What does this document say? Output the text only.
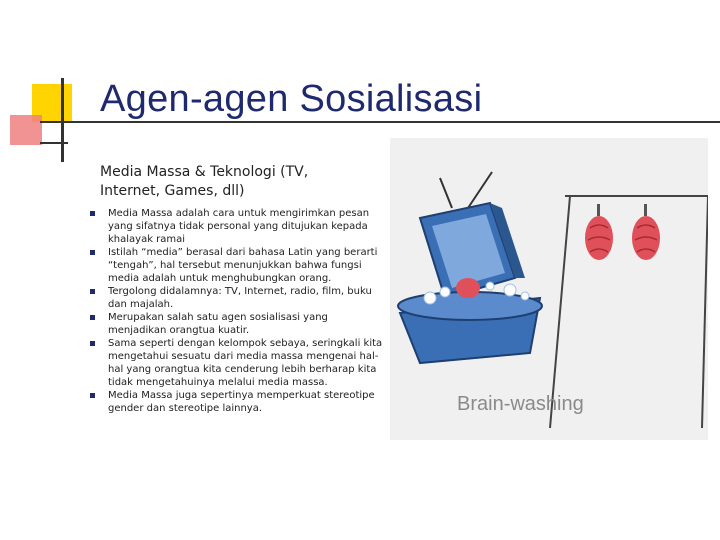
Agen-agen Sosialisasi
Media Massa & Teknologi (TV, Internet, Games, dll)
Media Massa adalah cara untuk mengirimkan pesan yang sifatnya tidak personal yang ditujukan kepada khalayak ramai
Istilah “media” berasal dari bahasa Latin yang berarti “tengah”, hal tersebut menunjukkan bahwa fungsi media adalah untuk menghubungkan orang.
Tergolong didalamnya: TV, Internet, radio, film, buku dan majalah.
Merupakan salah satu agen sosialisasi yang menjadikan orangtua kuatir.
Sama seperti dengan kelompok sebaya, seringkali kita mengetahui sesuatu dari media massa mengenai hal-hal yang orangtua kita cenderung lebih berharap kita tidak mengetahuinya melalui media massa.
Media Massa juga sepertinya memperkuat stereotipe gender dan stereotipe lainnya.	Brain-washing
